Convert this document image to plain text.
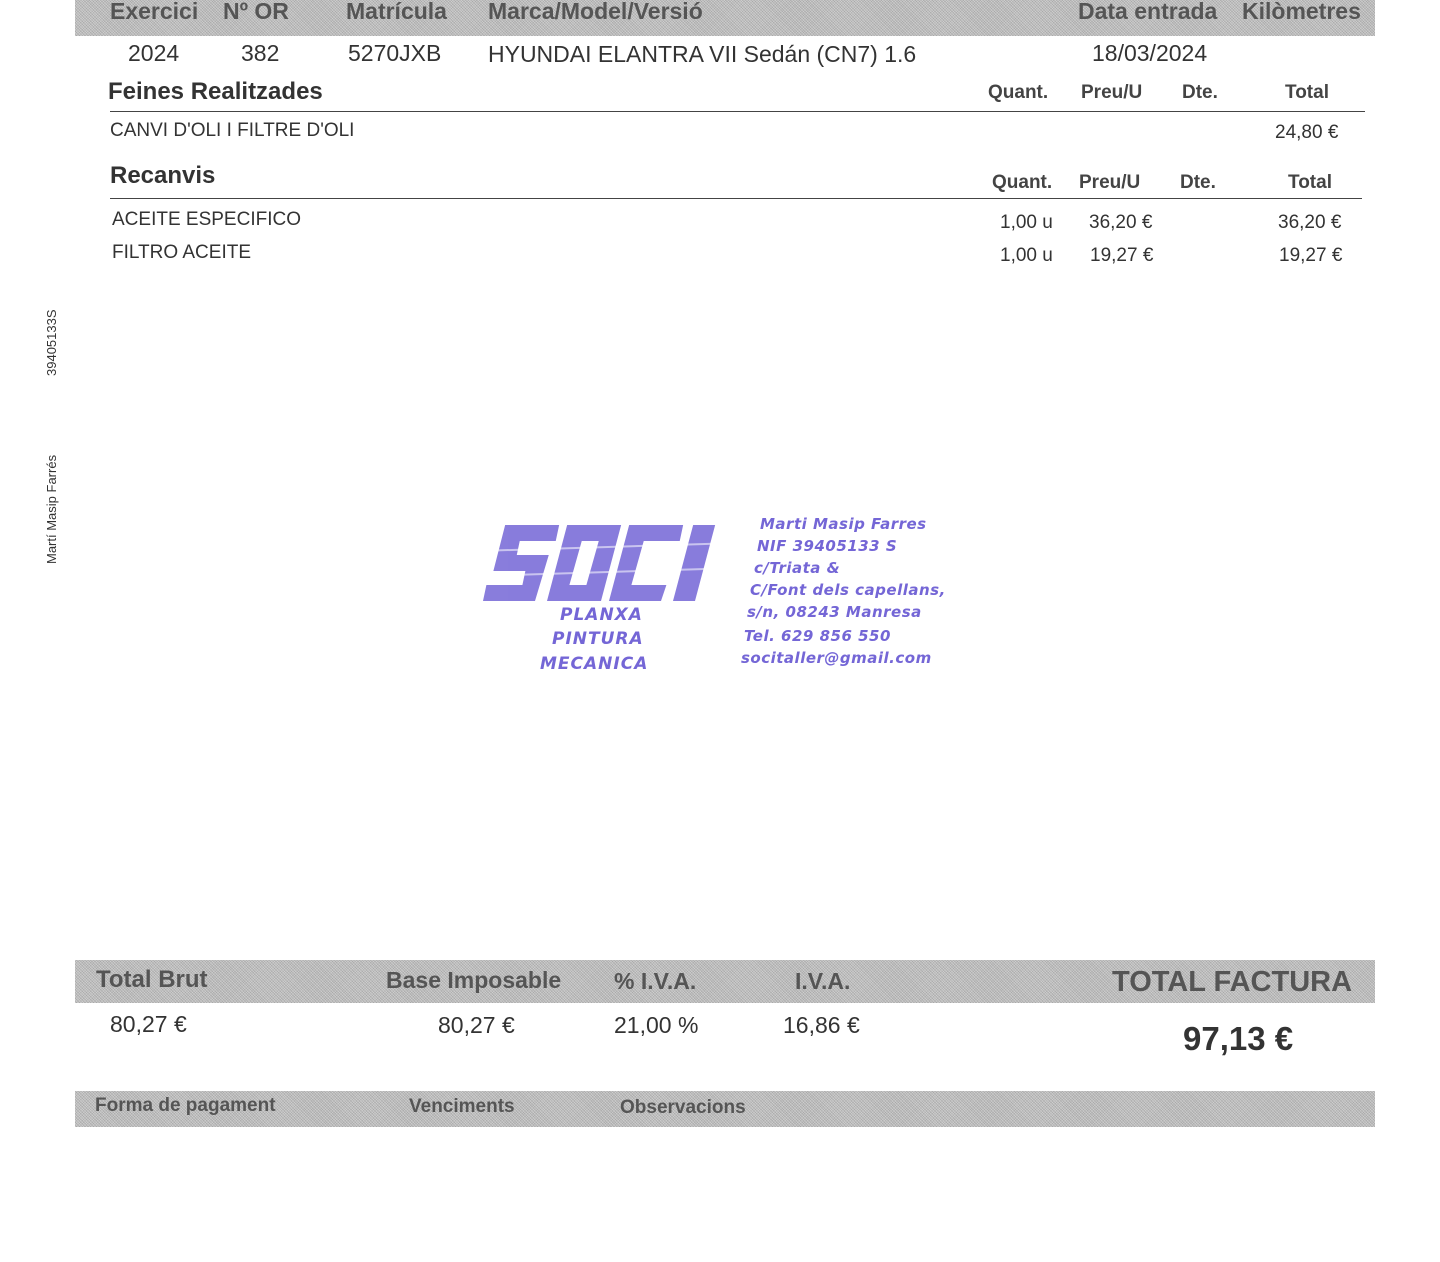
Exercici Nº OR Matrícula Marca/Model/Versió	Data entrada Kilòmetres
2024	382	5270JXB HYUNDAI ELANTRA VII Sedán (CN7) 1.6	18/03/2024
Feines Realitzades	Quant. Preu/U Dte.	Total
CANVI D'OLI I FILTRE D'OLI	24,80 €
Recanvis	Quant. Preu/U Dte.	Total
ACEITE ESPECIFICO	1,00 u 36,20 €	36,20 €
FILTRO ACEITE	1,00 u 19,27 €	19,27 €
39405133S
Martí Masip Farrés
PLANXA
PINTURA
MECANICA
Marti Masip Farres
NIF 39405133 S
c/Triata &
C/Font dels capellans,
s/n, 08243 Manresa
Tel. 629 856 550
socitaller@gmail.com
Total Brut	Base Imposable % I.V.A.	I.V.A.	TOTAL FACTURA
80,27 €	80,27 €	21,00 %	16,86 €	97,13 €
Forma de pagament	Venciments	Observacions
